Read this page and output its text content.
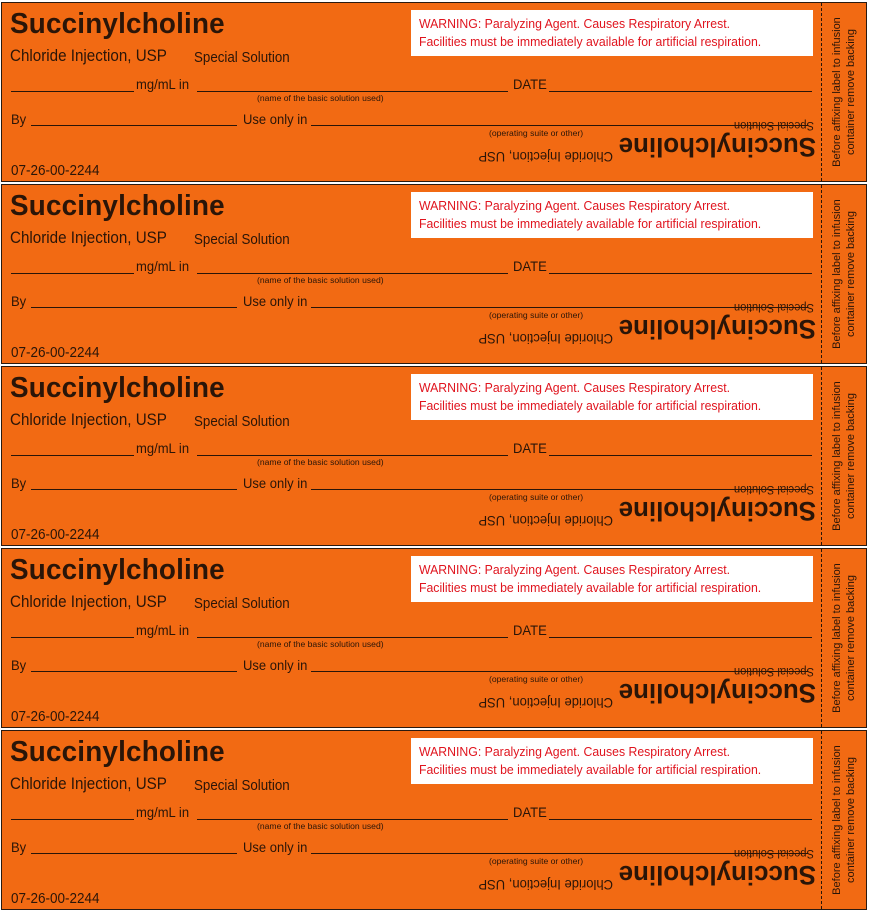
Succinylcholine
Chloride Injection, USP Special Solution
WARNING: Paralyzing Agent. Causes Respiratory Arrest.
Facilities must be immediately available for artificial respiration.
mg/mL in
(name of the basic solution used)
DATE
By	Use only in
(operating suite or other)
07-26-00-2244
Succinylcholine
Chloride Injection, USP
Special Solution Before affixing label to infusion container remove backing
Succinylcholine
Chloride Injection, USP Special Solution
WARNING: Paralyzing Agent. Causes Respiratory Arrest.
Facilities must be immediately available for artificial respiration.
mg/mL in
(name of the basic solution used)
DATE
By	Use only in
(operating suite or other)
07-26-00-2244
Succinylcholine
Chloride Injection, USP
Special Solution Before affixing label to infusion container remove backing
Succinylcholine
Chloride Injection, USP Special Solution
WARNING: Paralyzing Agent. Causes Respiratory Arrest.
Facilities must be immediately available for artificial respiration.
mg/mL in
(name of the basic solution used)
DATE
By	Use only in
(operating suite or other)
07-26-00-2244
Succinylcholine
Chloride Injection, USP
Special Solution Before affixing label to infusion container remove backing
Succinylcholine
Chloride Injection, USP Special Solution
WARNING: Paralyzing Agent. Causes Respiratory Arrest.
Facilities must be immediately available for artificial respiration.
mg/mL in
(name of the basic solution used)
DATE
By	Use only in
(operating suite or other)
07-26-00-2244
Succinylcholine
Chloride Injection, USP
Special Solution Before affixing label to infusion container remove backing
Succinylcholine
Chloride Injection, USP Special Solution
WARNING: Paralyzing Agent. Causes Respiratory Arrest.
Facilities must be immediately available for artificial respiration.
mg/mL in
(name of the basic solution used)
DATE
By	Use only in
(operating suite or other)
07-26-00-2244
Succinylcholine
Chloride Injection, USP
Special Solution Before affixing label to infusion container remove backing
